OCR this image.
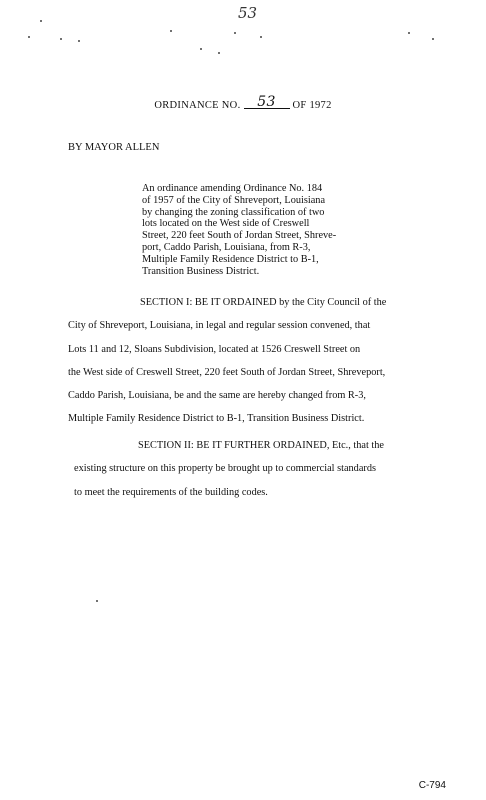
53
ORDINANCE NO. 53 OF 1972
BY MAYOR ALLEN
An ordinance amending Ordinance No. 184
of 1957 of the City of Shreveport, Louisiana
by changing the zoning classification of two
lots located on the West side of Creswell
Street, 220 feet South of Jordan Street, Shreve-
port, Caddo Parish, Louisiana, from R-3,
Multiple Family Residence District to B-1,
Transition Business District.
SECTION I: BE IT ORDAINED by the City Council of the
City of Shreveport, Louisiana, in legal and regular session convened, that
Lots 11 and 12, Sloans Subdivision, located at 1526 Creswell Street on
the West side of Creswell Street, 220 feet South of Jordan Street, Shreveport,
Caddo Parish, Louisiana, be and the same are hereby changed from R-3,
Multiple Family Residence District to B-1, Transition Business District.
SECTION II: BE IT FURTHER ORDAINED, Etc., that the
existing structure on this property be brought up to commercial standards
to meet the requirements of the building codes.
C-794
